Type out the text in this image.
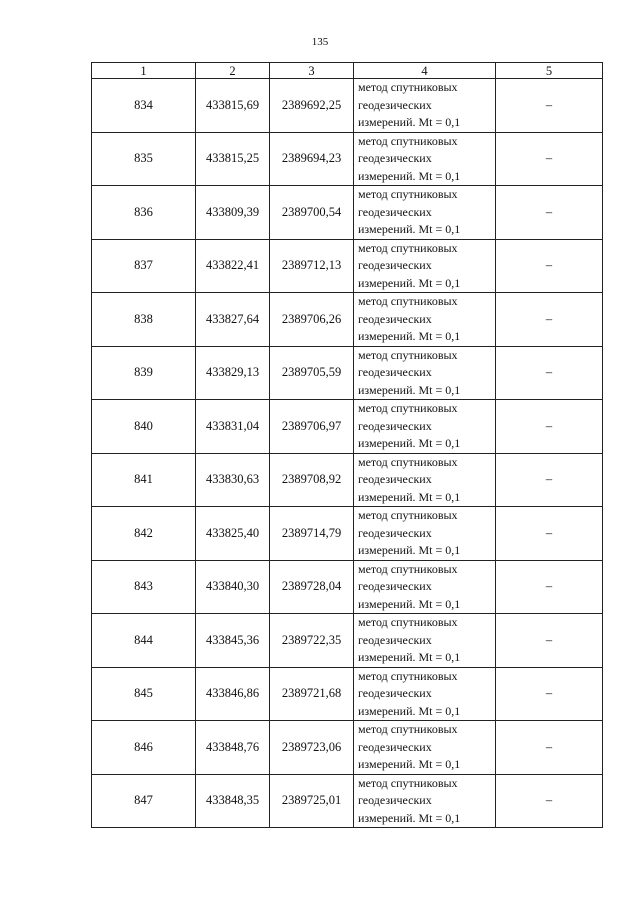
135
1	2	3	4	5
834	433815,69	2389692,25	метод спутниковых
геодезических
измерений. Mt = 0,1	–
835	433815,25	2389694,23	метод спутниковых
геодезических
измерений. Mt = 0,1	–
836	433809,39	2389700,54	метод спутниковых
геодезических
измерений. Mt = 0,1	–
837	433822,41	2389712,13	метод спутниковых
геодезических
измерений. Mt = 0,1	–
838	433827,64	2389706,26	метод спутниковых
геодезических
измерений. Mt = 0,1	–
839	433829,13	2389705,59	метод спутниковых
геодезических
измерений. Mt = 0,1	–
840	433831,04	2389706,97	метод спутниковых
геодезических
измерений. Mt = 0,1	–
841	433830,63	2389708,92	метод спутниковых
геодезических
измерений. Mt = 0,1	–
842	433825,40	2389714,79	метод спутниковых
геодезических
измерений. Mt = 0,1	–
843	433840,30	2389728,04	метод спутниковых
геодезических
измерений. Mt = 0,1	–
844	433845,36	2389722,35	метод спутниковых
геодезических
измерений. Mt = 0,1	–
845	433846,86	2389721,68	метод спутниковых
геодезических
измерений. Mt = 0,1	–
846	433848,76	2389723,06	метод спутниковых
геодезических
измерений. Mt = 0,1	–
847	433848,35	2389725,01	метод спутниковых
геодезических
измерений. Mt = 0,1	–
